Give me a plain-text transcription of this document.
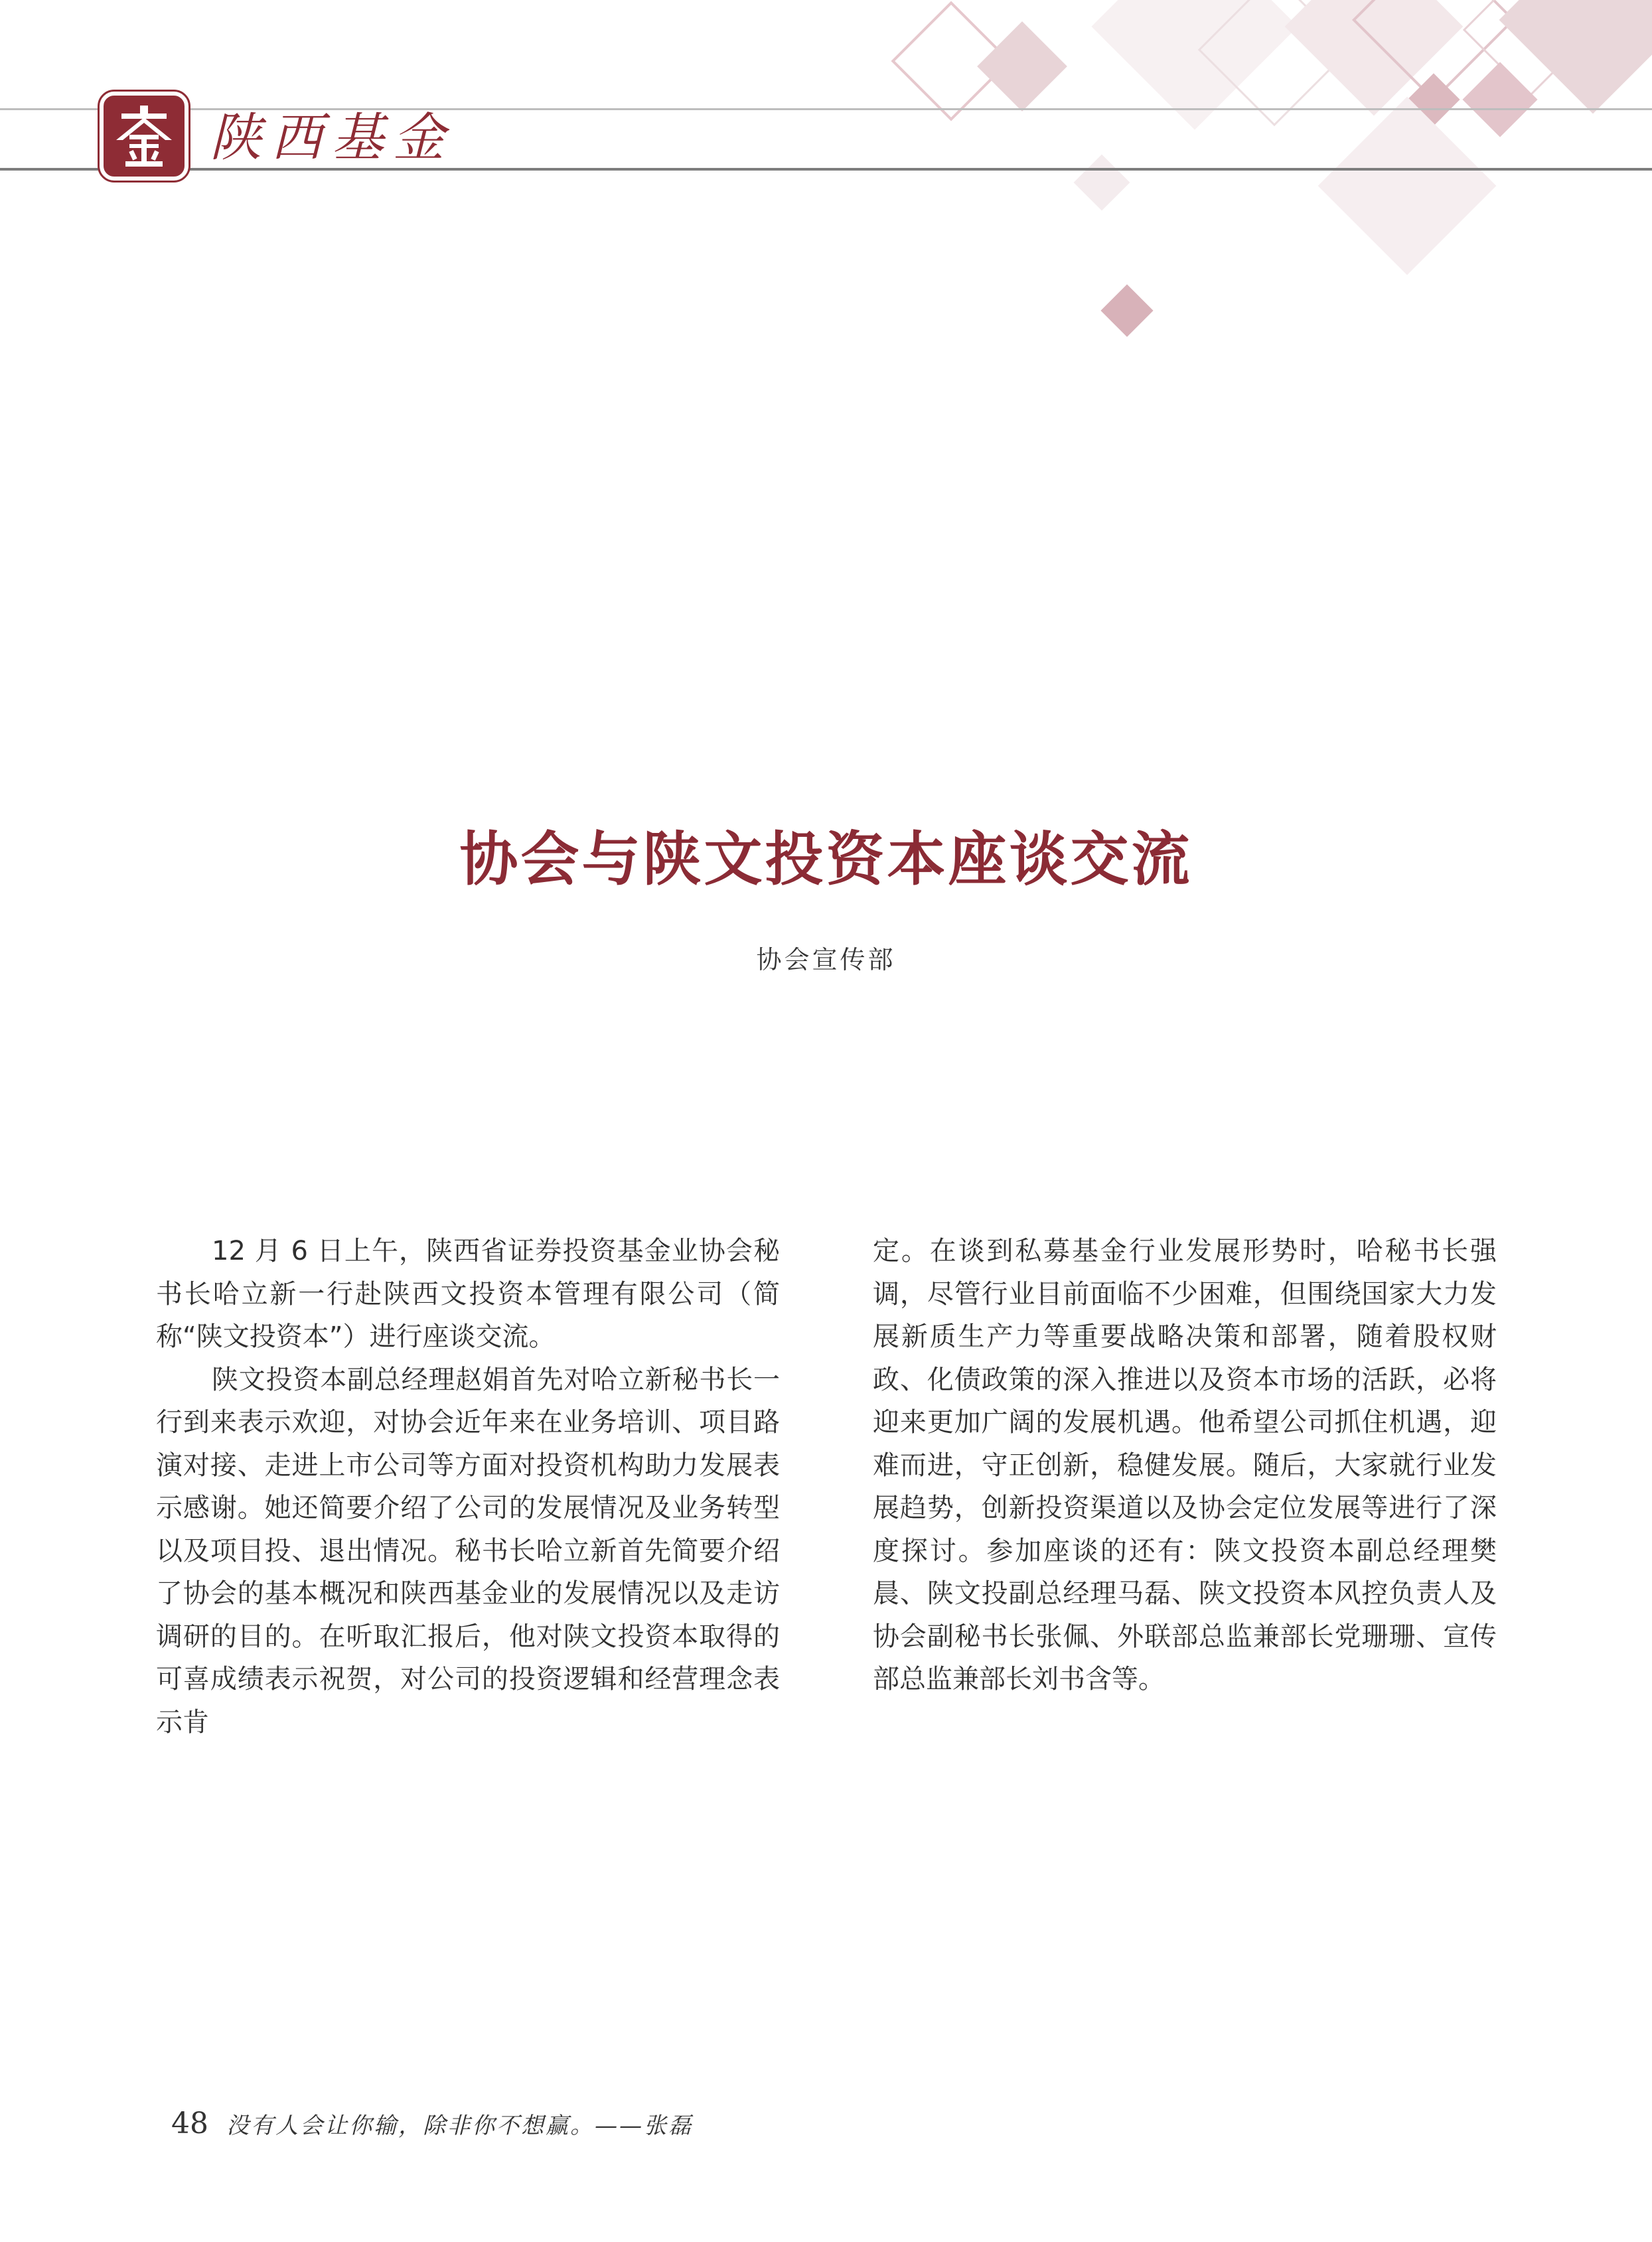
陕西基金
协会与陕文投资本座谈交流
协会宣传部

12 月 6 日上午，陕西省证券投资基金业协会秘书长哈立新一行赴陕西文投资本管理有限公司（简称“陕文投资本”）进行座谈交流。

陕文投资本副总经理赵娟首先对哈立新秘书长一行到来表示欢迎，对协会近年来在业务培训、项目路演对接、走进上市公司等方面对投资机构助力发展表示感谢。她还简要介绍了公司的发展情况及业务转型以及项目投、退出情况。秘书长哈立新首先简要介绍了协会的基本概况和陕西基金业的发展情况以及走访调研的目的。在听取汇报后，他对陕文投资本取得的可喜成绩表示祝贺，对公司的投资逻辑和经营理念表示肯

定。在谈到私募基金行业发展形势时，哈秘书长强调，尽管行业目前面临不少困难，但围绕国家大力发展新质生产力等重要战略决策和部署，随着股权财政、化债政策的深入推进以及资本市场的活跃，必将迎来更加广阔的发展机遇。他希望公司抓住机遇，迎难而进，守正创新，稳健发展。随后，大家就行业发展趋势，创新投资渠道以及协会定位发展等进行了深度探讨。参加座谈的还有：陕文投资本副总经理樊晨、陕文投副总经理马磊、陕文投资本风控负责人及协会副秘书长张佩、外联部总监兼部长党珊珊、宣传部总监兼部长刘书含等。

48 没有人会让你输，除非你不想赢。——张磊
